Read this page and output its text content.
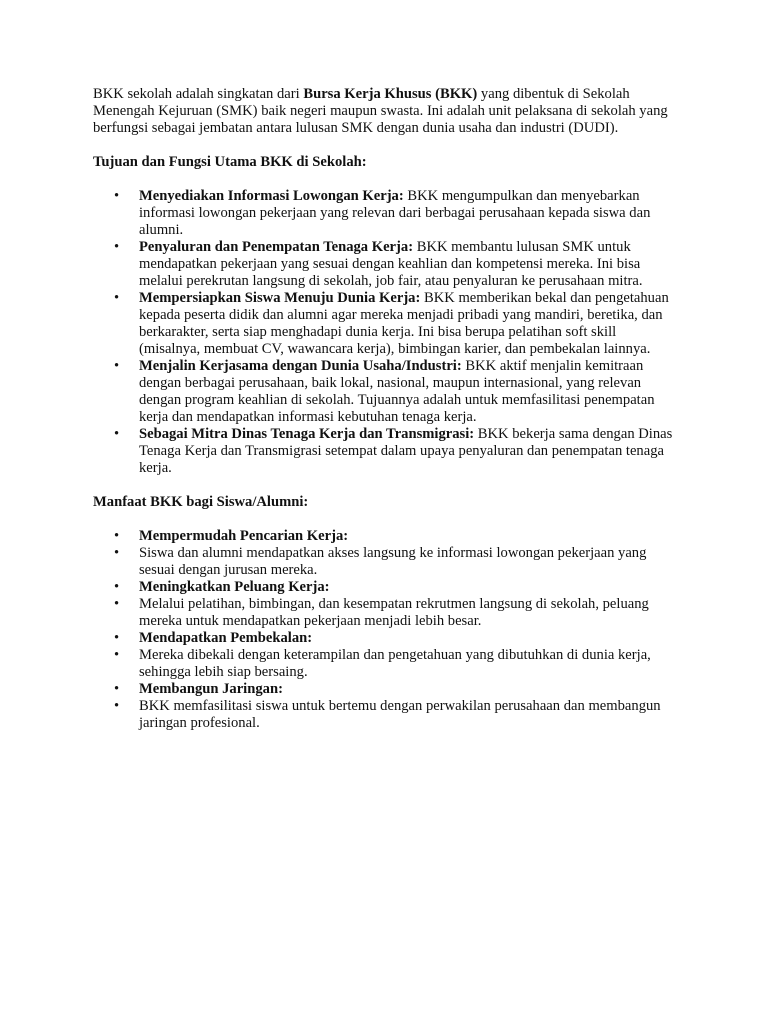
BKK sekolah adalah singkatan dari Bursa Kerja Khusus (BKK) yang dibentuk di Sekolah Menengah Kejuruan (SMK) baik negeri maupun swasta. Ini adalah unit pelaksana di sekolah yang berfungsi sebagai jembatan antara lulusan SMK dengan dunia usaha dan industri (DUDI).

Tujuan dan Fungsi Utama BKK di Sekolah:
• Menyediakan Informasi Lowongan Kerja: BKK mengumpulkan dan menyebarkan informasi lowongan pekerjaan yang relevan dari berbagai perusahaan kepada siswa dan alumni.
• Penyaluran dan Penempatan Tenaga Kerja: BKK membantu lulusan SMK untuk mendapatkan pekerjaan yang sesuai dengan keahlian dan kompetensi mereka. Ini bisa melalui perekrutan langsung di sekolah, job fair, atau penyaluran ke perusahaan mitra.
• Mempersiapkan Siswa Menuju Dunia Kerja: BKK memberikan bekal dan pengetahuan kepada peserta didik dan alumni agar mereka menjadi pribadi yang mandiri, beretika, dan berkarakter, serta siap menghadapi dunia kerja. Ini bisa berupa pelatihan soft skill (misalnya, membuat CV, wawancara kerja), bimbingan karier, dan pembekalan lainnya.
• Menjalin Kerjasama dengan Dunia Usaha/Industri: BKK aktif menjalin kemitraan dengan berbagai perusahaan, baik lokal, nasional, maupun internasional, yang relevan dengan program keahlian di sekolah. Tujuannya adalah untuk memfasilitasi penempatan kerja dan mendapatkan informasi kebutuhan tenaga kerja.
• Sebagai Mitra Dinas Tenaga Kerja dan Transmigrasi: BKK bekerja sama dengan Dinas Tenaga Kerja dan Transmigrasi setempat dalam upaya penyaluran dan penempatan tenaga kerja.
Manfaat BKK bagi Siswa/Alumni:
• Mempermudah Pencarian Kerja:
• Siswa dan alumni mendapatkan akses langsung ke informasi lowongan pekerjaan yang sesuai dengan jurusan mereka.
• Meningkatkan Peluang Kerja:
• Melalui pelatihan, bimbingan, dan kesempatan rekrutmen langsung di sekolah, peluang mereka untuk mendapatkan pekerjaan menjadi lebih besar.
• Mendapatkan Pembekalan:
• Mereka dibekali dengan keterampilan dan pengetahuan yang dibutuhkan di dunia kerja, sehingga lebih siap bersaing.
• Membangun Jaringan:
• BKK memfasilitasi siswa untuk bertemu dengan perwakilan perusahaan dan membangun jaringan profesional.
